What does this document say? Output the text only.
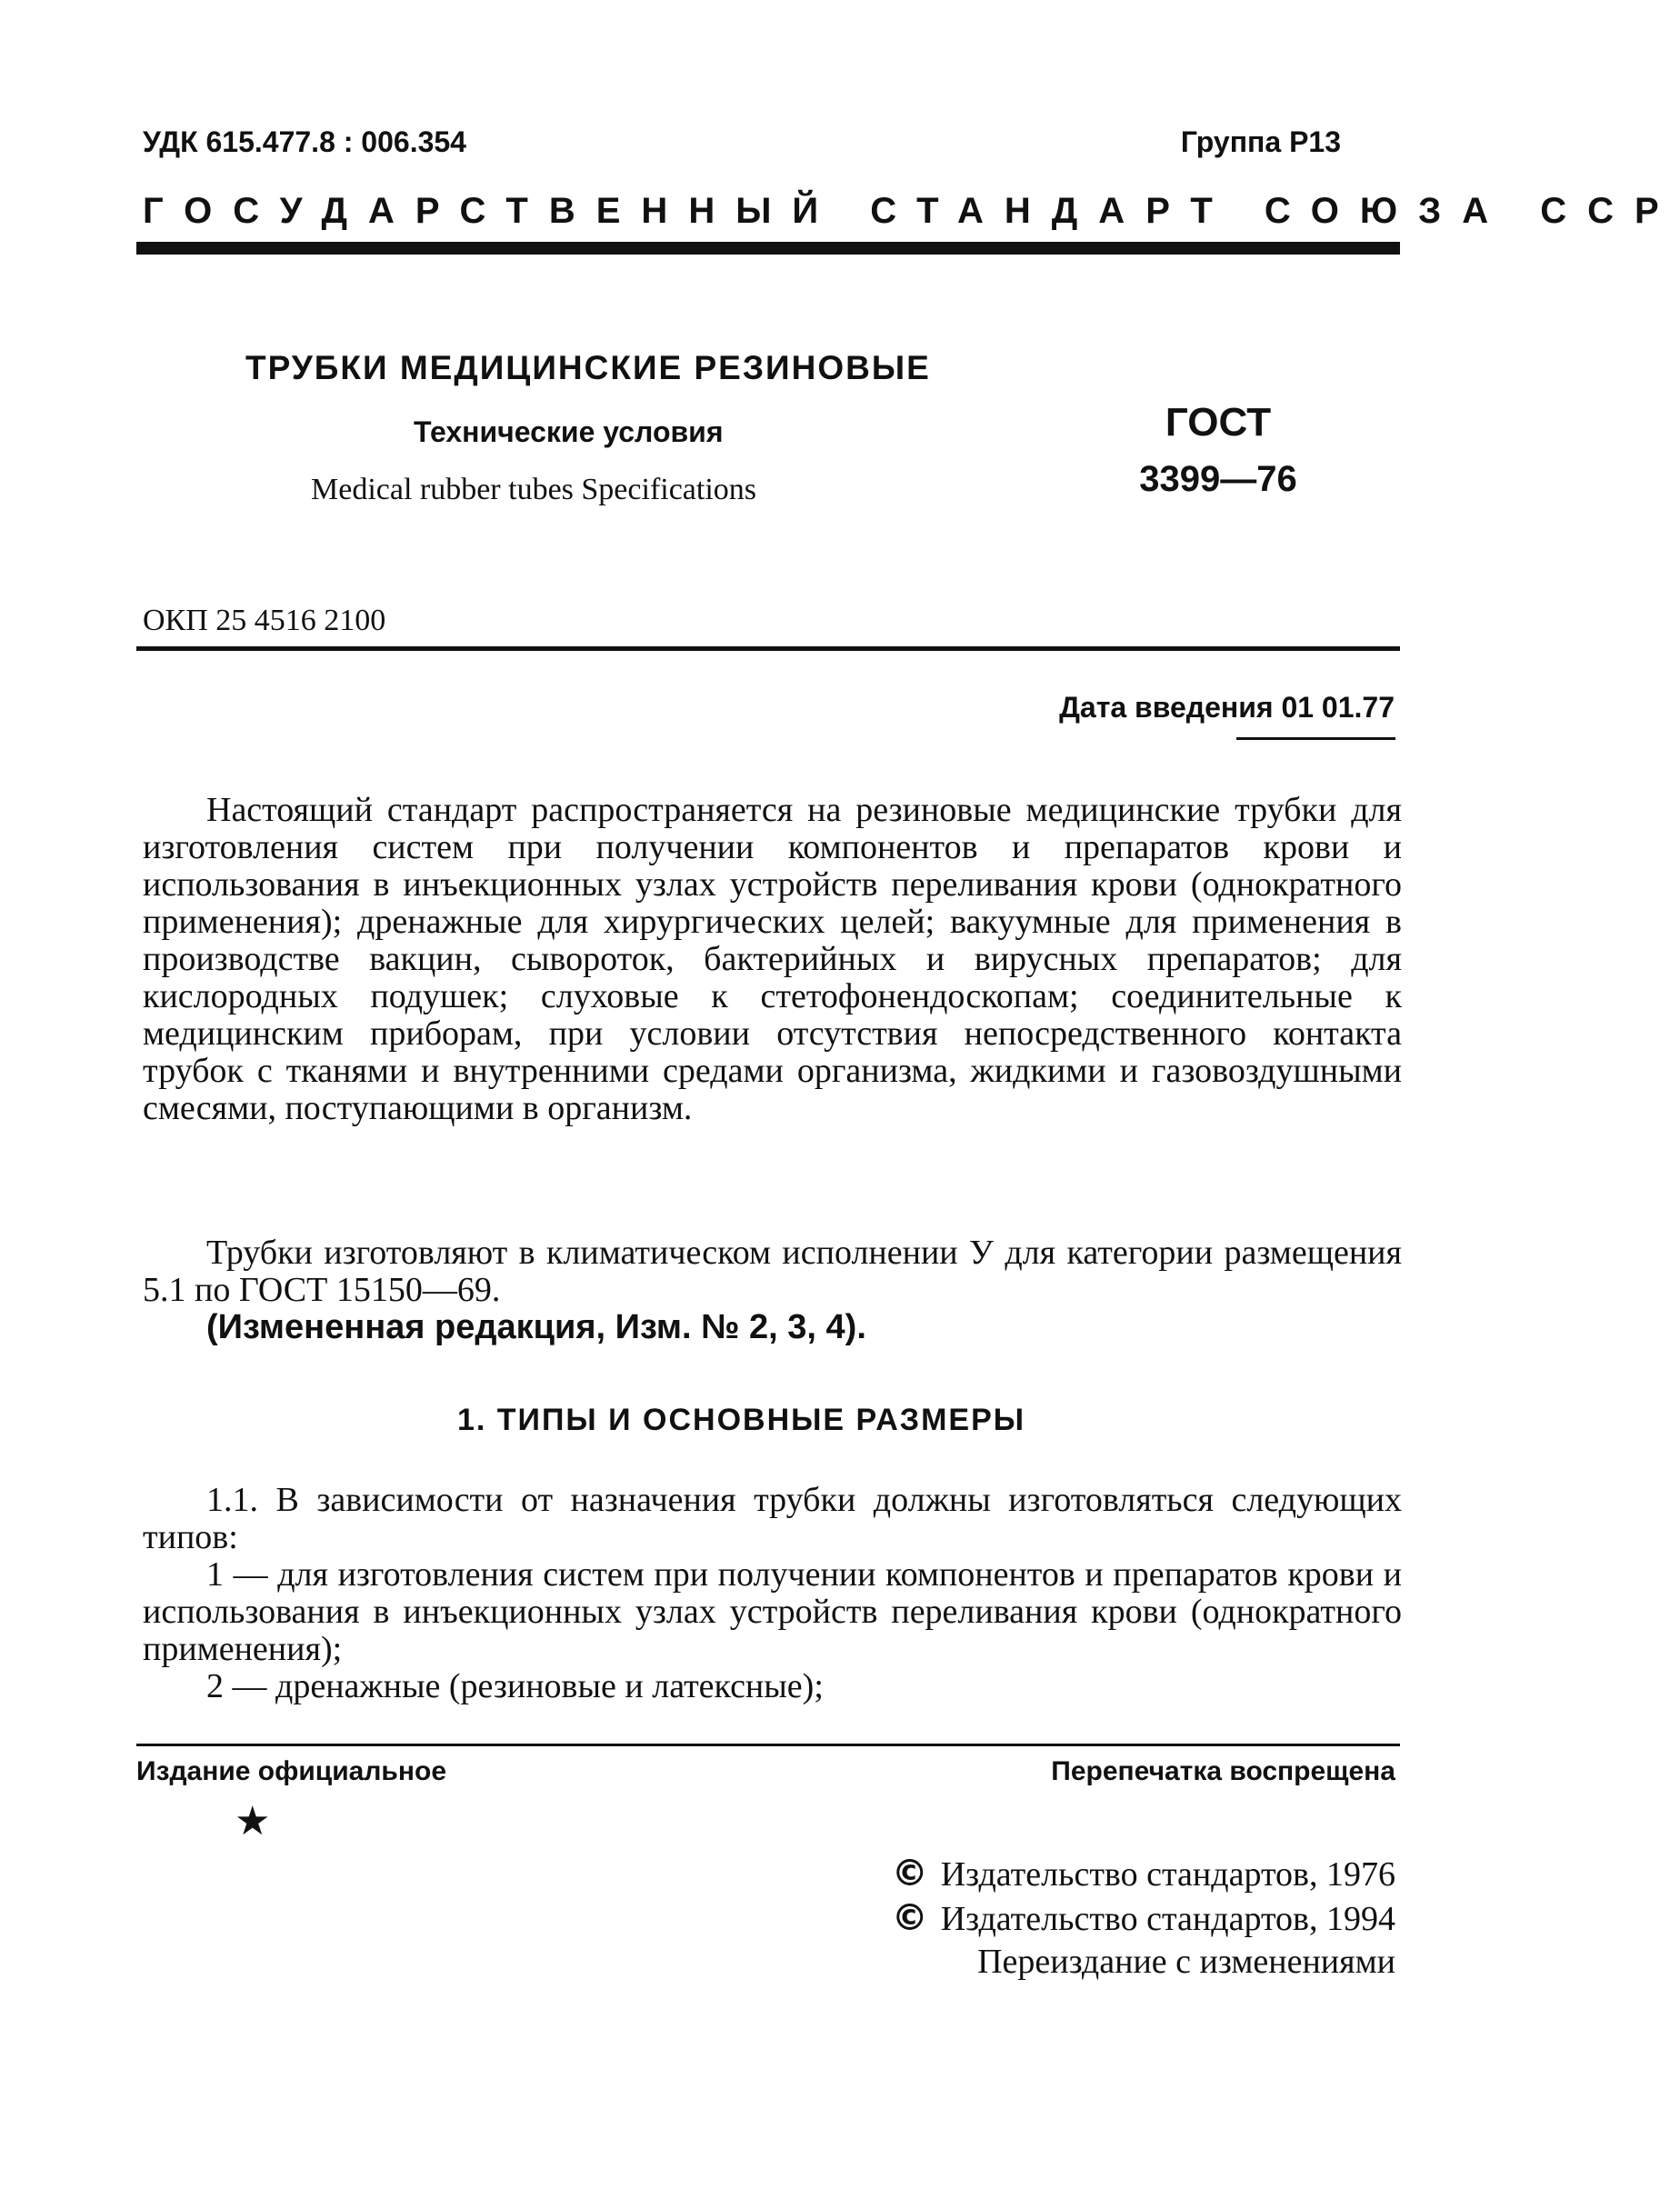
УДК 615.477.8 : 006.354	Группа Р13
ГОСУДАРСТВЕННЫЙ СТАНДАРТ СОЮЗА ССР
ТРУБКИ МЕДИЦИНСКИЕ РЕЗИНОВЫЕ
Технические условия
Medical rubber tubes Specifications
ГОСТ
3399—76
ОКП 25 4516 2100
Дата введения 01 01.77

Настоящий стандарт распространяется на резиновые медицинские трубки для изготовления систем при получении компонентов и препаратов крови и использования в инъекционных узлах устройств переливания крови (однократного применения); дренажные для хирургических целей; вакуумные для применения в производстве вакцин, сывороток, бактерийных и вирусных препаратов; для кислородных подушек; слуховые к стетофонендоскопам; соединительные к медицинским приборам, при условии отсутствия непосредственного контакта трубок с тканями и внутренними средами организма, жидкими и газовоздушными смесями, поступающими в организм.

Трубки изготовляют в климатическом исполнении У для категории размещения 5.1 по ГОСТ 15150—69.

(Измененная редакция, Изм. № 2, 3, 4).

1. ТИПЫ И ОСНОВНЫЕ РАЗМЕРЫ

1.1. В зависимости от назначения трубки должны изготовляться следующих типов:

1 — для изготовления систем при получении компонентов и препаратов крови и использования в инъекционных узлах устройств переливания крови (однократного применения);

2 — дренажные (резиновые и латексные);

Издание официальное	Перепечатка воспрещена
★
© Издательство стандартов, 1976
© Издательство стандартов, 1994
Переиздание с изменениями
